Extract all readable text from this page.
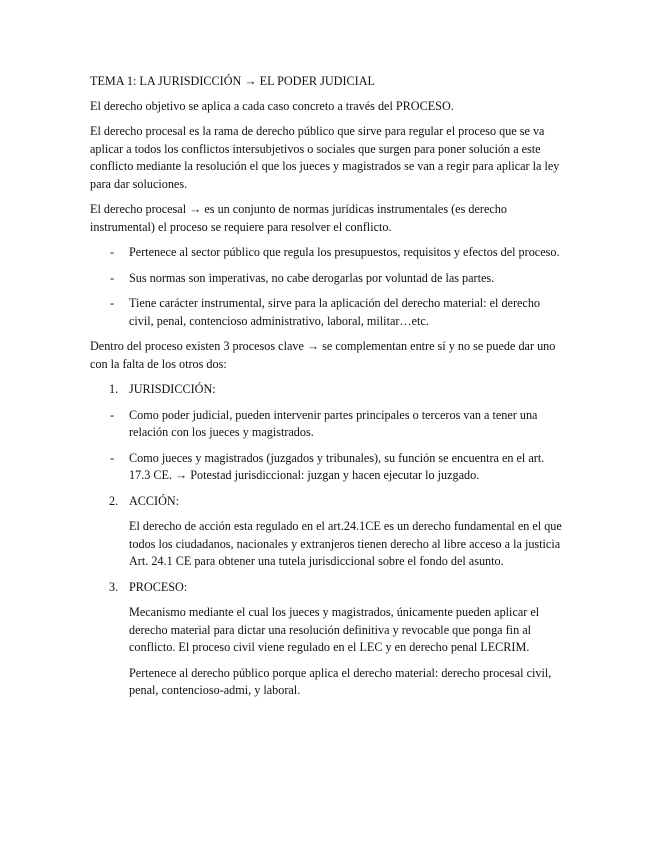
TEMA 1: LA JURISDICCIÓN → EL PODER JUDICIAL

El derecho objetivo se aplica a cada caso concreto a través del PROCESO.

El derecho procesal es la rama de derecho público que sirve para regular el proceso que se va aplicar a todos los conflictos intersubjetivos o sociales que surgen para poner solución a este conflicto mediante la resolución el que los jueces y magistrados se van a regir para aplicar la ley para dar soluciones.

El derecho procesal → es un conjunto de normas jurídicas instrumentales (es derecho instrumental) el proceso se requiere para resolver el conflicto.

- Pertenece al sector público que regula los presupuestos, requisitos y efectos del proceso.
- Sus normas son imperativas, no cabe derogarlas por voluntad de las partes.
- Tiene carácter instrumental, sirve para la aplicación del derecho material: el derecho civil, penal, contencioso administrativo, laboral, militar…etc.

Dentro del proceso existen 3 procesos clave → se complementan entre sí y no se puede dar uno con la falta de los otros dos:

1. JURISDICCIÓN:
- Como poder judicial, pueden intervenir partes principales o terceros van a tener una relación con los jueces y magistrados.
- Como jueces y magistrados (juzgados y tribunales), su función se encuentra en el art. 17.3 CE. → Potestad jurisdiccional: juzgan y hacen ejecutar lo juzgado.
2. ACCIÓN:

El derecho de acción esta regulado en el art.24.1CE es un derecho fundamental en el que todos los ciudadanos, nacionales y extranjeros tienen derecho al libre acceso a la justicia Art. 24.1 CE para obtener una tutela jurisdiccional sobre el fondo del asunto.

3. PROCESO:

Mecanismo mediante el cual los jueces y magistrados, únicamente pueden aplicar el derecho material para dictar una resolución definitiva y revocable que ponga fin al conflicto. El proceso civil viene regulado en el LEC y en derecho penal LECRIM.

Pertenece al derecho público porque aplica el derecho material: derecho procesal civil, penal, contencioso-admi, y laboral.
